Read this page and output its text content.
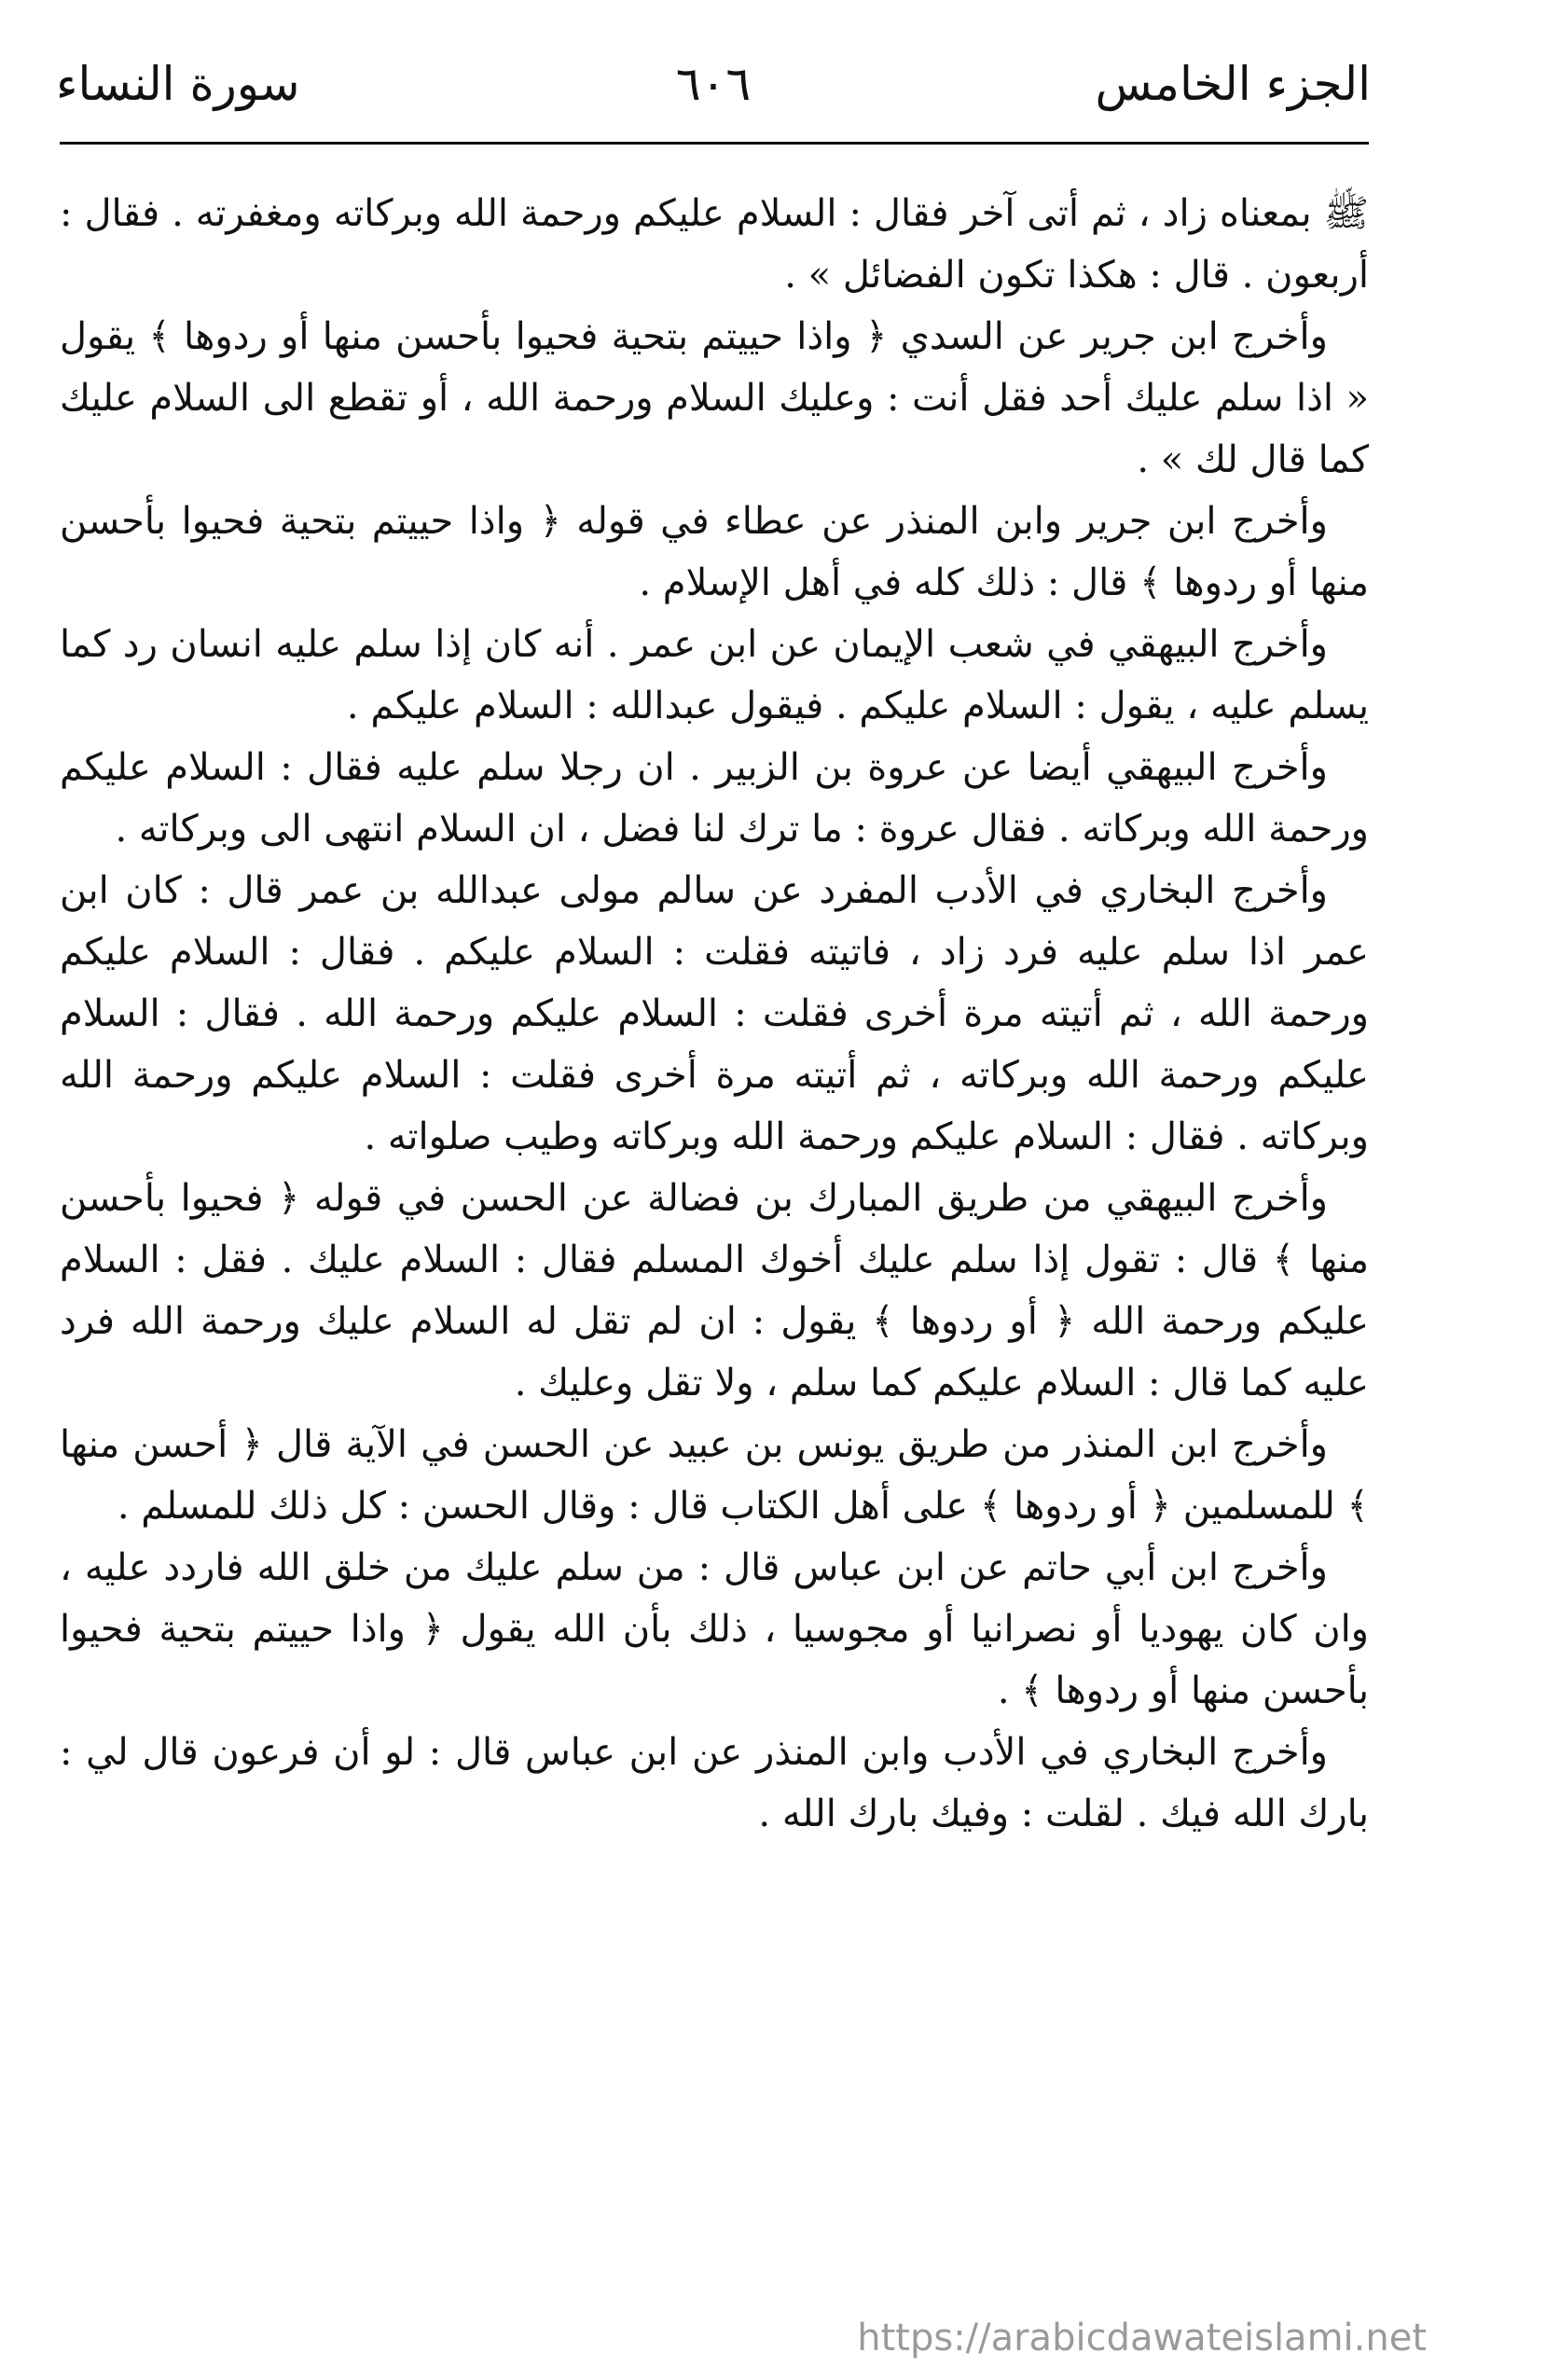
الجزء الخامس
٦٠٦
سورة النساء

ﷺ بمعناه زاد ، ثم أتى آخر فقال : السلام عليكم ورحمة الله وبركاته ومغفرته . فقال : أربعون . قال : هكذا تكون الفضائل » .

وأخرج ابن جرير عن السدي ﴿ واذا حييتم بتحية فحيوا بأحسن منها أو ردوها ﴾ يقول « اذا سلم عليك أحد فقل أنت : وعليك السلام ورحمة الله ، أو تقطع الى السلام عليك كما قال لك » .

وأخرج ابن جرير وابن المنذر عن عطاء في قوله ﴿ واذا حييتم بتحية فحيوا بأحسن منها أو ردوها ﴾ قال : ذلك كله في أهل الإسلام .

وأخرج البيهقي في شعب الإيمان عن ابن عمر . أنه كان إذا سلم عليه انسان رد كما يسلم عليه ، يقول : السلام عليكم . فيقول عبدالله : السلام عليكم .

وأخرج البيهقي أيضا عن عروة بن الزبير . ان رجلا سلم عليه فقال : السلام عليكم ورحمة الله وبركاته . فقال عروة : ما ترك لنا فضل ، ان السلام انتهى الى وبركاته .

وأخرج البخاري في الأدب المفرد عن سالم مولى عبدالله بن عمر قال : كان ابن عمر اذا سلم عليه فرد زاد ، فاتيته فقلت : السلام عليكم . فقال : السلام عليكم ورحمة الله ، ثم أتيته مرة أخرى فقلت : السلام عليكم ورحمة الله . فقال : السلام عليكم ورحمة الله وبركاته ، ثم أتيته مرة أخرى فقلت : السلام عليكم ورحمة الله وبركاته . فقال : السلام عليكم ورحمة الله وبركاته وطيب صلواته .

وأخرج البيهقي من طريق المبارك بن فضالة عن الحسن في قوله ﴿ فحيوا بأحسن منها ﴾ قال : تقول إذا سلم عليك أخوك المسلم فقال : السلام عليك . فقل : السلام عليكم ورحمة الله ﴿ أو ردوها ﴾ يقول : ان لم تقل له السلام عليك ورحمة الله فرد عليه كما قال : السلام عليكم كما سلم ، ولا تقل وعليك .

وأخرج ابن المنذر من طريق يونس بن عبيد عن الحسن في الآية قال ﴿ أحسن منها ﴾ للمسلمين ﴿ أو ردوها ﴾ على أهل الكتاب قال : وقال الحسن : كل ذلك للمسلم .

وأخرج ابن أبي حاتم عن ابن عباس قال : من سلم عليك من خلق الله فاردد عليه ، وان كان يهوديا أو نصرانيا أو مجوسيا ، ذلك بأن الله يقول ﴿ واذا حييتم بتحية فحيوا بأحسن منها أو ردوها ﴾ .

وأخرج البخاري في الأدب وابن المنذر عن ابن عباس قال : لو أن فرعون قال لي : بارك الله فيك . لقلت : وفيك بارك الله .

https://arabicdawateislami.net
